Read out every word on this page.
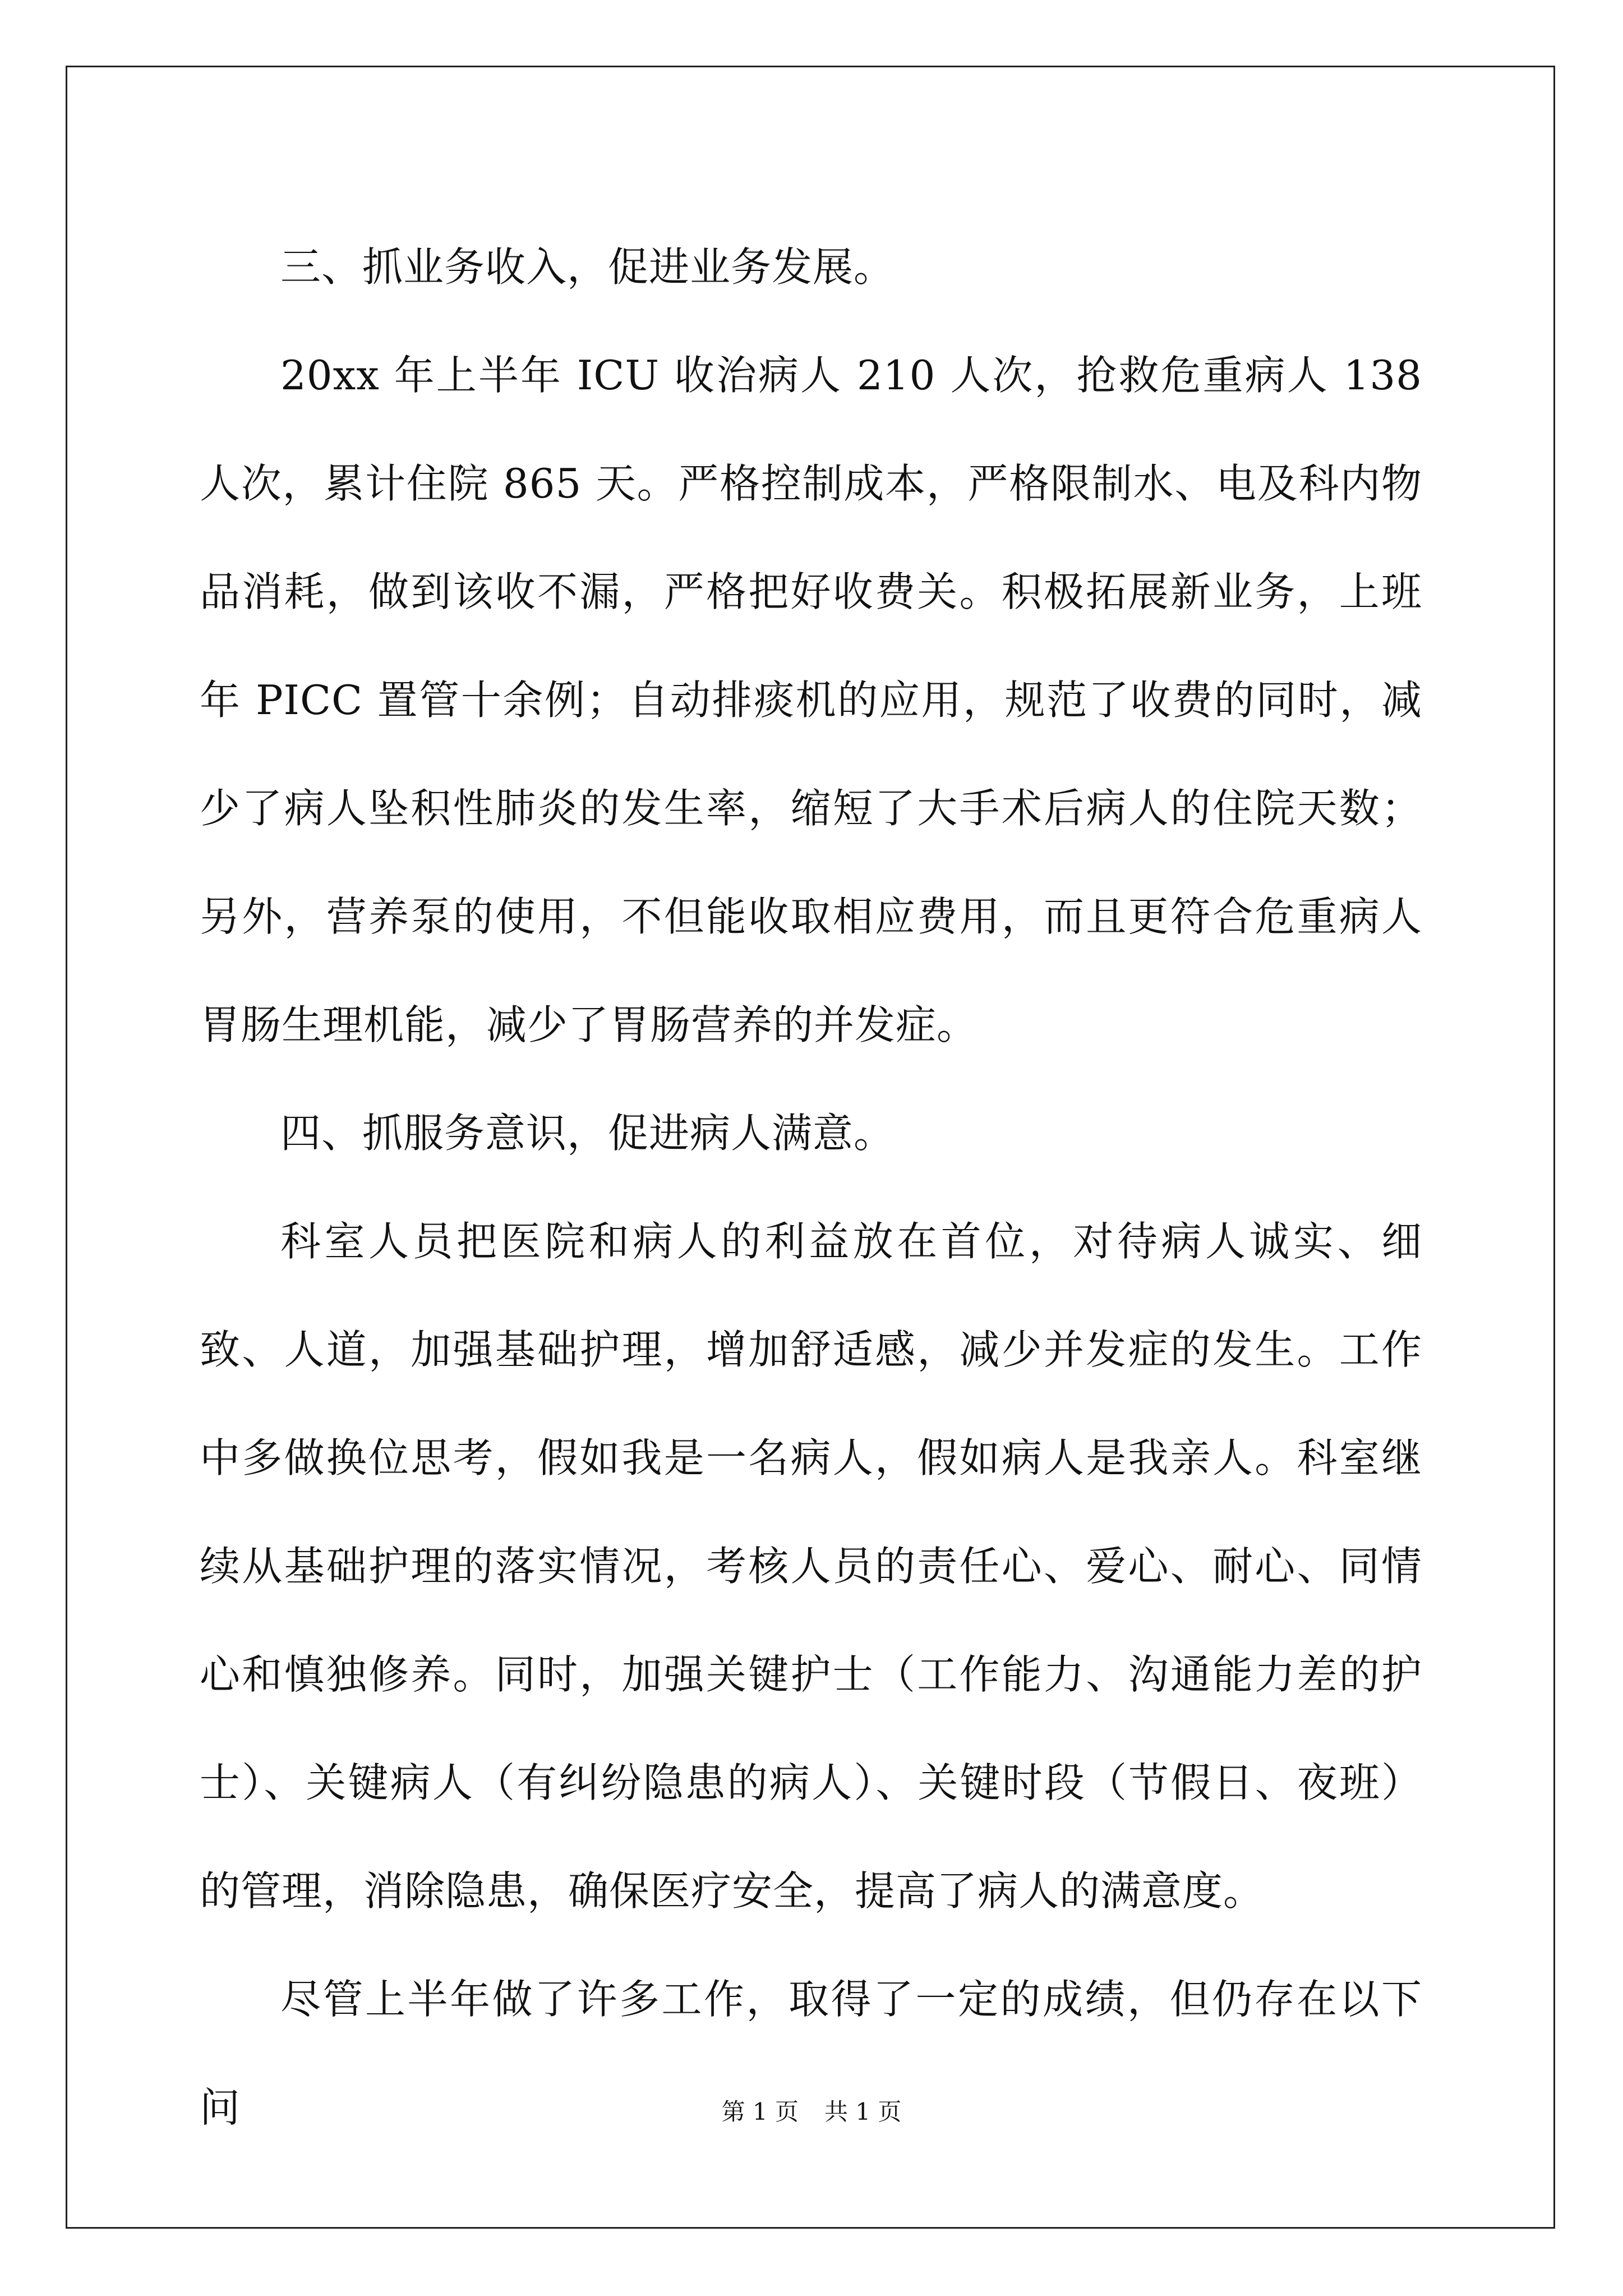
三、抓业务收入，促进业务发展。

20xx 年上半年 ICU 收治病人 210 人次，抢救危重病人 138 人次，累计住院 865 天。严格控制成本，严格限制水、电及科内物品消耗，做到该收不漏，严格把好收费关。积极拓展新业务，上班年 PICC 置管十余例；自动排痰机的应用，规范了收费的同时，减少了病人坠积性肺炎的发生率，缩短了大手术后病人的住院天数；另外，营养泵的使用，不但能收取相应费用，而且更符合危重病人胃肠生理机能，减少了胃肠营养的并发症。

四、抓服务意识，促进病人满意。

科室人员把医院和病人的利益放在首位，对待病人诚实、细致、人道，加强基础护理，增加舒适感，减少并发症的发生。工作中多做换位思考，假如我是一名病人，假如病人是我亲人。科室继续从基础护理的落实情况，考核人员的责任心、爱心、耐心、同情心和慎独修养。同时，加强关键护士（工作能力、沟通能力差的护士）、关键病人（有纠纷隐患的病人）、关键时段（节假日、夜班）的管理，消除隐患，确保医疗安全，提高了病人的满意度。

尽管上半年做了许多工作，取得了一定的成绩，但仍存在以下问	第 1 页 共 1 页
